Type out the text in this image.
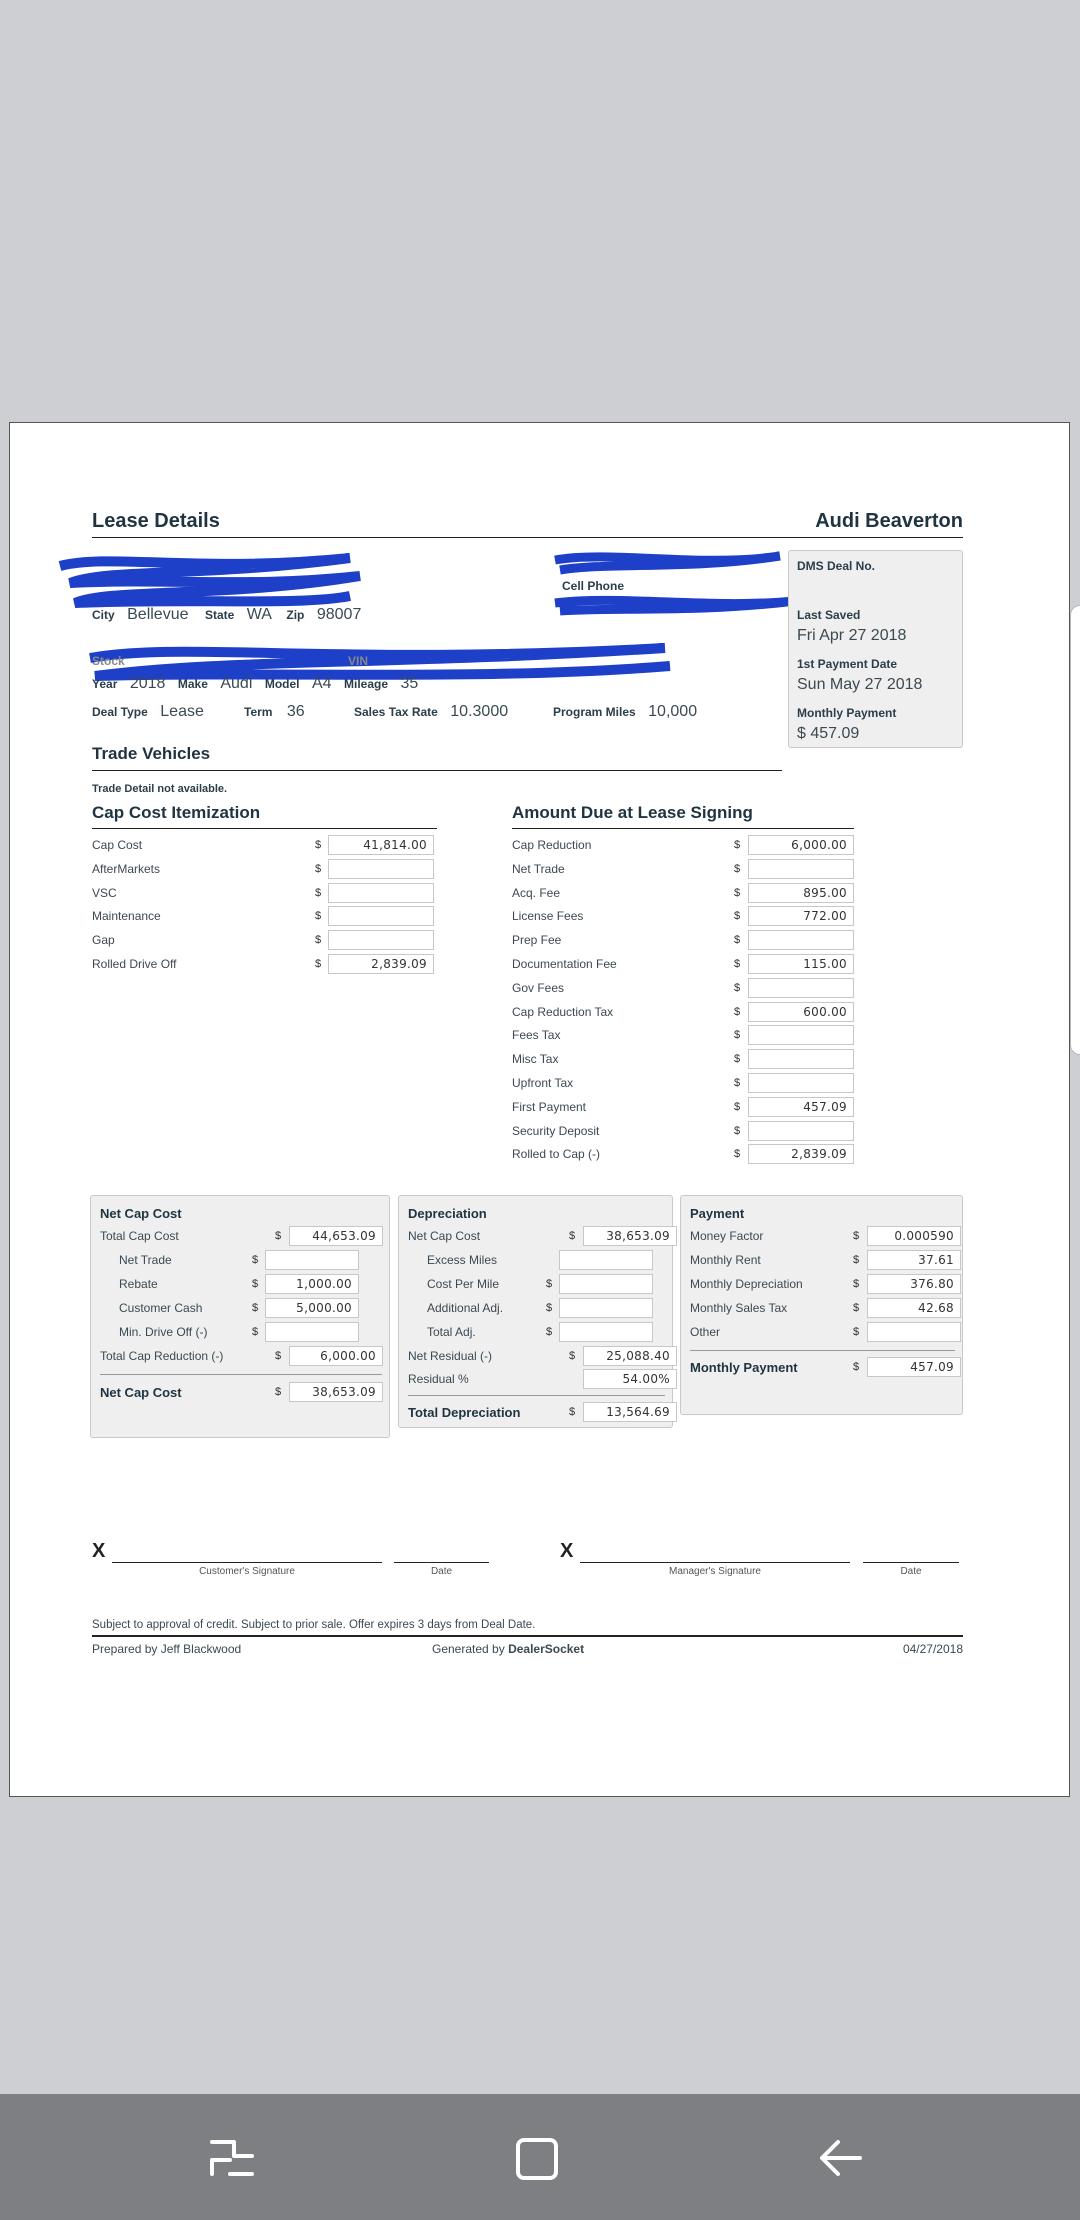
Lease Details	Audi Beaverton
City Bellevue State WA Zip 98007
Cell Phone
Stock	VIN
Year 2018 Make Audi Model A4 Mileage 35
Deal Type Lease	Term 36	Sales Tax Rate 10.3000	Program Miles 10,000
DMS Deal No.
Last Saved
Fri Apr 27 2018
1st Payment Date
Sun May 27 2018
Monthly Payment
$ 457.09
Trade Vehicles
Trade Detail not available.
Cap Cost Itemization
Cap Cost	$	41,814.00
AfterMarkets	$
VSC	$
Maintenance	$
Gap	$
Rolled Drive Off	$	2,839.09
Amount Due at Lease Signing
Cap Reduction	$	6,000.00
Net Trade	$
Acq. Fee	$	895.00
License Fees	$	772.00
Prep Fee	$
Documentation Fee	$	115.00
Gov Fees	$
Cap Reduction Tax	$	600.00
Fees Tax	$
Misc Tax	$
Upfront Tax	$
First Payment	$	457.09
Security Deposit	$
Rolled to Cap (-)	$	2,839.09
Net Cap Cost
Total Cap Cost	$	44,653.09
Net Trade	$
Rebate	$	1,000.00
Customer Cash	$	5,000.00
Min. Drive Off (-)	$
Total Cap Reduction (-)	$	6,000.00
Net Cap Cost	$	38,653.09
Depreciation
Net Cap Cost	$	38,653.09
Excess Miles
Cost Per Mile	$
Additional Adj.	$
Total Adj.	$
Net Residual (-)	$	25,088.40
Residual %	54.00%
Total Depreciation	$	13,564.69
Payment
Money Factor	$	0.000590
Monthly Rent	$	37.61
Monthly Depreciation	$	376.80
Monthly Sales Tax	$	42.68
Other	$
Monthly Payment	$	457.09
X
Customer's Signature	Date
X
Manager's Signature	Date
Subject to approval of credit. Subject to prior sale. Offer expires 3 days from Deal Date.
Prepared by Jeff Blackwood	Generated by DealerSocket	04/27/2018
